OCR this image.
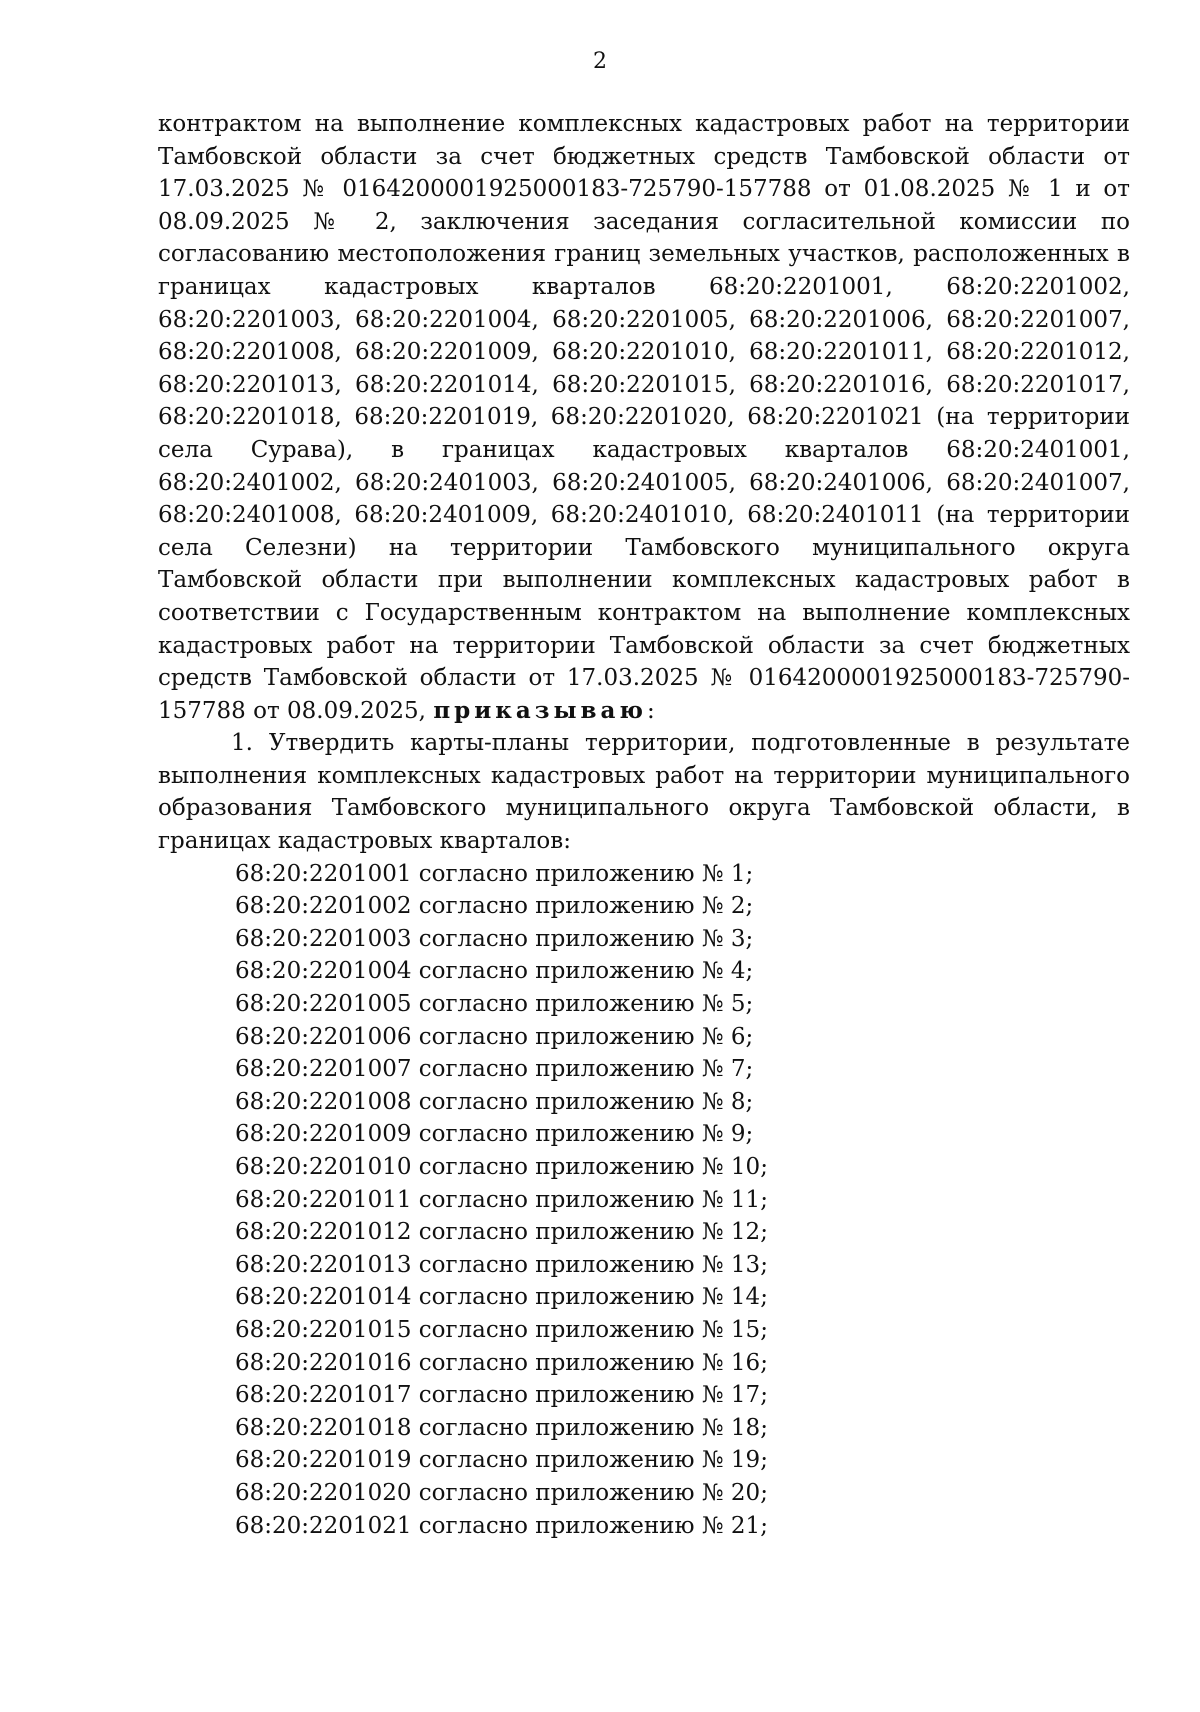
2

контрактом на выполнение комплексных кадастровых работ на территории Тамбовской области за счет бюджетных средств Тамбовской области от 17.03.2025 № 0164200001925000183-725790-157788 от 01.08.2025 № 1 и от 08.09.2025 № 2, заключения заседания согласительной комиссии по согласованию местоположения границ земельных участков, расположенных в границах кадастровых кварталов 68:20:2201001, 68:20:2201002, 68:20:2201003, 68:20:2201004, 68:20:2201005, 68:20:2201006, 68:20:2201007, 68:20:2201008, 68:20:2201009, 68:20:2201010, 68:20:2201011, 68:20:2201012, 68:20:2201013, 68:20:2201014, 68:20:2201015, 68:20:2201016, 68:20:2201017, 68:20:2201018, 68:20:2201019, 68:20:2201020, 68:20:2201021 (на территории села Сурава), в границах кадастровых кварталов 68:20:2401001, 68:20:2401002, 68:20:2401003, 68:20:2401005, 68:20:2401006, 68:20:2401007, 68:20:2401008, 68:20:2401009, 68:20:2401010, 68:20:2401011 (на территории села Селезни) на территории Тамбовского муниципального округа Тамбовской области при выполнении комплексных кадастровых работ в соответствии с Государственным контрактом на выполнение комплексных кадастровых работ на территории Тамбовской области за счет бюджетных средств Тамбовской области от 17.03.2025 № 0164200001925000183-725790-157788 от 08.09.2025, приказываю:

1. Утвердить карты-планы территории, подготовленные в результате выполнения комплексных кадастровых работ на территории муниципального образования Тамбовского муниципального округа Тамбовской области, в границах кадастровых кварталов:

68:20:2201001 согласно приложению № 1;
68:20:2201002 согласно приложению № 2;
68:20:2201003 согласно приложению № 3;
68:20:2201004 согласно приложению № 4;
68:20:2201005 согласно приложению № 5;
68:20:2201006 согласно приложению № 6;
68:20:2201007 согласно приложению № 7;
68:20:2201008 согласно приложению № 8;
68:20:2201009 согласно приложению № 9;
68:20:2201010 согласно приложению № 10;
68:20:2201011 согласно приложению № 11;
68:20:2201012 согласно приложению № 12;
68:20:2201013 согласно приложению № 13;
68:20:2201014 согласно приложению № 14;
68:20:2201015 согласно приложению № 15;
68:20:2201016 согласно приложению № 16;
68:20:2201017 согласно приложению № 17;
68:20:2201018 согласно приложению № 18;
68:20:2201019 согласно приложению № 19;
68:20:2201020 согласно приложению № 20;
68:20:2201021 согласно приложению № 21;
